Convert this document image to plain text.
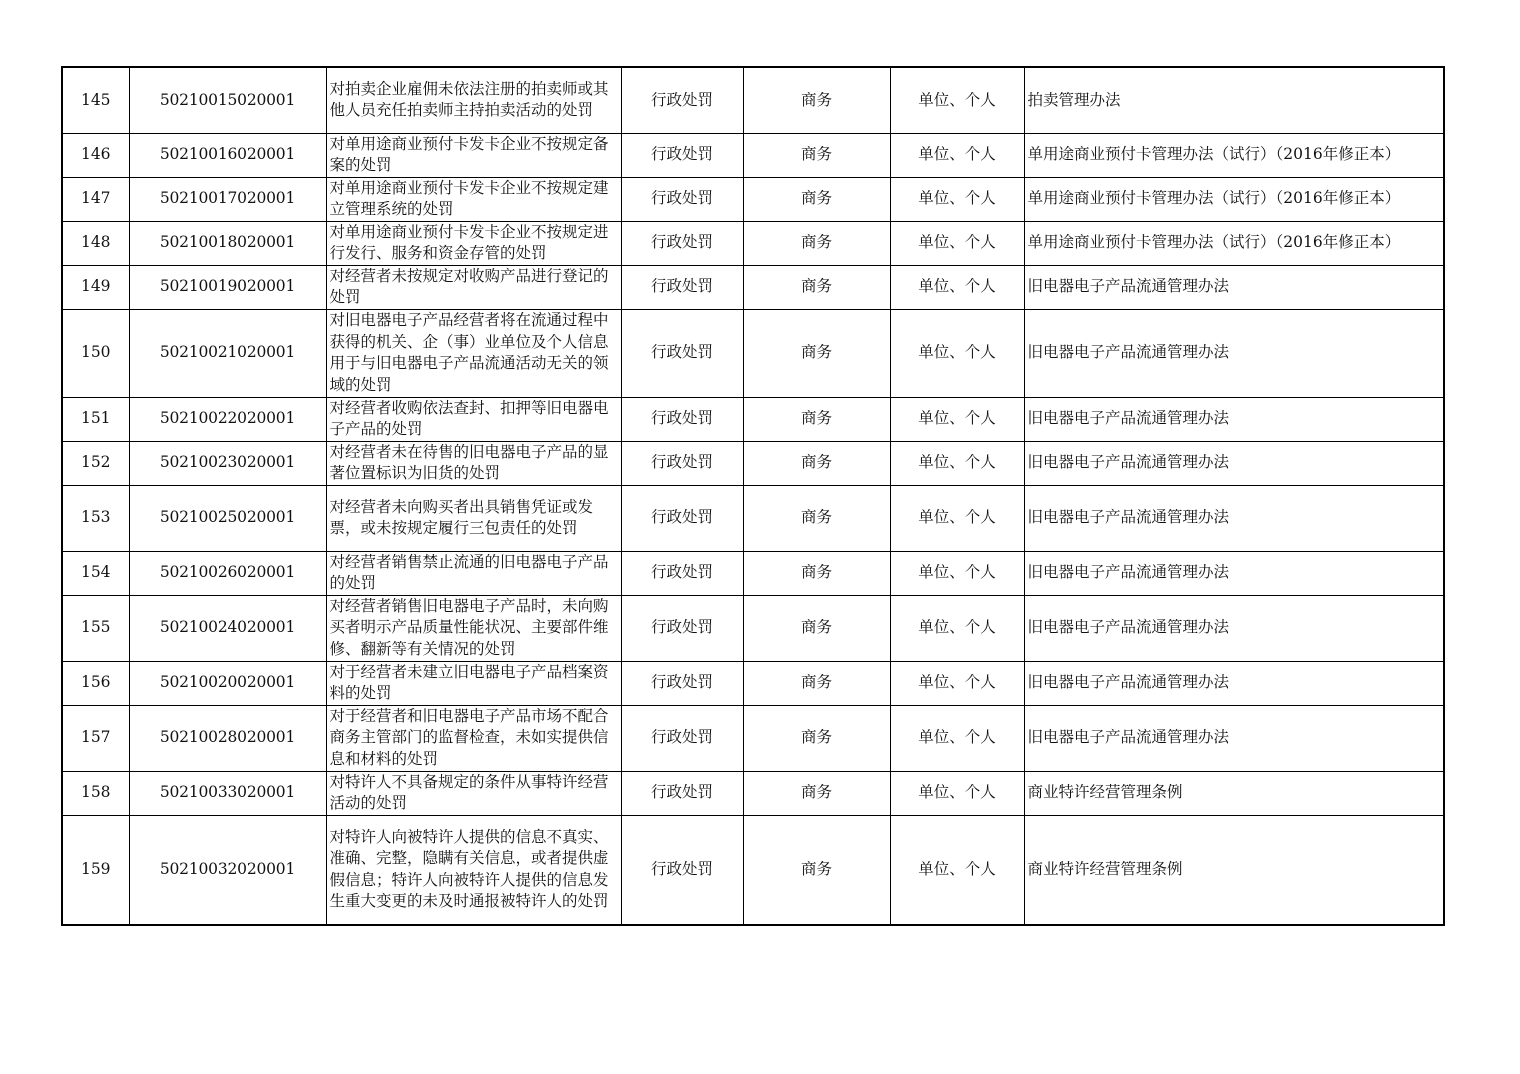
145	50210015020001	对拍卖企业雇佣未依法注册的拍卖师或其他人员充任拍卖师主持拍卖活动的处罚	行政处罚	商务	单位、个人	拍卖管理办法
146	50210016020001	对单用途商业预付卡发卡企业不按规定备案的处罚	行政处罚	商务	单位、个人	单用途商业预付卡管理办法（试行）（2016年修正本）
147	50210017020001	对单用途商业预付卡发卡企业不按规定建立管理系统的处罚	行政处罚	商务	单位、个人	单用途商业预付卡管理办法（试行）（2016年修正本）
148	50210018020001	对单用途商业预付卡发卡企业不按规定进行发行、服务和资金存管的处罚	行政处罚	商务	单位、个人	单用途商业预付卡管理办法（试行）（2016年修正本）
149	50210019020001	对经营者未按规定对收购产品进行登记的处罚	行政处罚	商务	单位、个人	旧电器电子产品流通管理办法
150	50210021020001	对旧电器电子产品经营者将在流通过程中获得的机关、企（事）业单位及个人信息用于与旧电器电子产品流通活动无关的领域的处罚	行政处罚	商务	单位、个人	旧电器电子产品流通管理办法
151	50210022020001	对经营者收购依法查封、扣押等旧电器电子产品的处罚	行政处罚	商务	单位、个人	旧电器电子产品流通管理办法
152	50210023020001	对经营者未在待售的旧电器电子产品的显著位置标识为旧货的处罚	行政处罚	商务	单位、个人	旧电器电子产品流通管理办法
153	50210025020001	对经营者未向购买者出具销售凭证或发票，或未按规定履行三包责任的处罚	行政处罚	商务	单位、个人	旧电器电子产品流通管理办法
154	50210026020001	对经营者销售禁止流通的旧电器电子产品的处罚	行政处罚	商务	单位、个人	旧电器电子产品流通管理办法
155	50210024020001	对经营者销售旧电器电子产品时，未向购买者明示产品质量性能状况、主要部件维修、翻新等有关情况的处罚	行政处罚	商务	单位、个人	旧电器电子产品流通管理办法
156	50210020020001	对于经营者未建立旧电器电子产品档案资料的处罚	行政处罚	商务	单位、个人	旧电器电子产品流通管理办法
157	50210028020001	对于经营者和旧电器电子产品市场不配合商务主管部门的监督检查，未如实提供信息和材料的处罚	行政处罚	商务	单位、个人	旧电器电子产品流通管理办法
158	50210033020001	对特许人不具备规定的条件从事特许经营活动的处罚	行政处罚	商务	单位、个人	商业特许经营管理条例
159	50210032020001	对特许人向被特许人提供的信息不真实、准确、完整，隐瞒有关信息，或者提供虚假信息；特许人向被特许人提供的信息发生重大变更的未及时通报被特许人的处罚	行政处罚	商务	单位、个人	商业特许经营管理条例
